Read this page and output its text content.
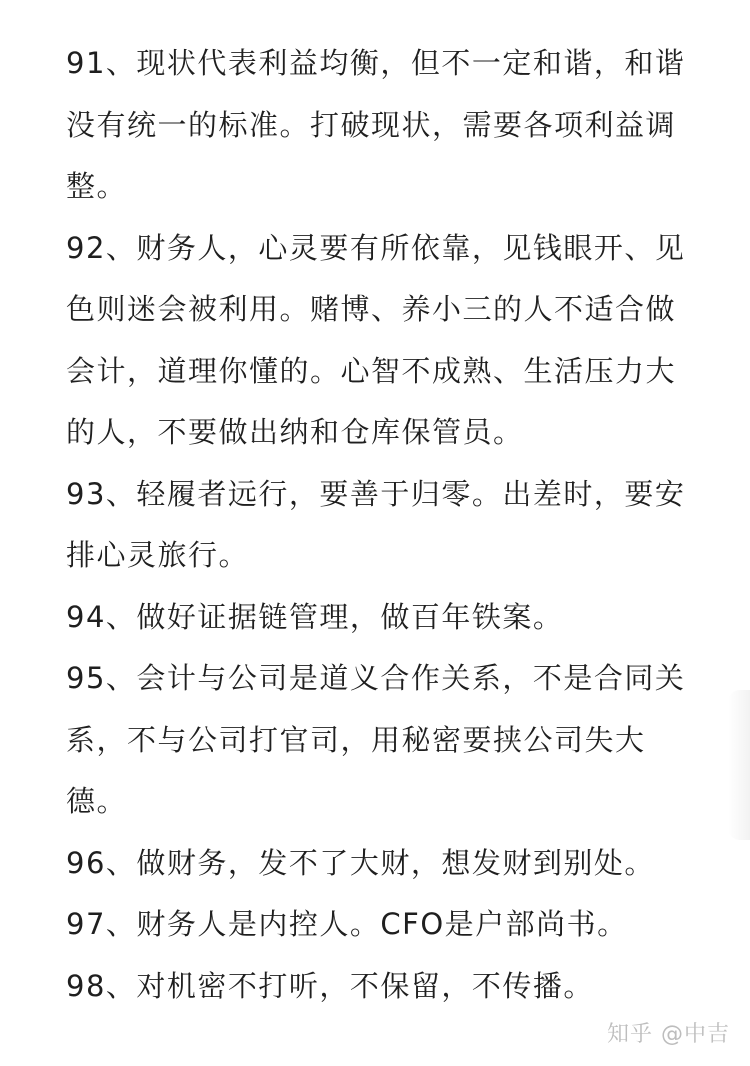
91、现状代表利益均衡，但不一定和谐，和谐没有统一的标准。打破现状，需要各项利益调整。

92、财务人，心灵要有所依靠，见钱眼开、见色则迷会被利用。赌博、养小三的人不适合做会计，道理你懂的。心智不成熟、生活压力大的人，不要做出纳和仓库保管员。

93、轻履者远行，要善于归零。出差时，要安排心灵旅行。

94、做好证据链管理，做百年铁案。

95、会计与公司是道义合作关系，不是合同关系，不与公司打官司，用秘密要挟公司失大德。

96、做财务，发不了大财，想发财到别处。

97、财务人是内控人。CFO是户部尚书。

98、对机密不打听，不保留，不传播。

知乎 @中吉
